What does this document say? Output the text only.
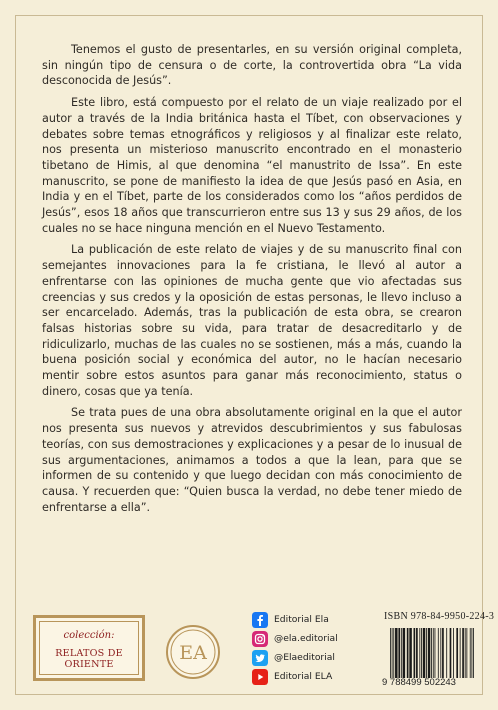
Tenemos el gusto de presentarles, en su versión original completa, sin ningún tipo de censura o de corte, la controvertida obra “La vida desconocida de Jesús”.

Este libro, está compuesto por el relato de un viaje realizado por el autor a través de la India británica hasta el Tíbet, con observaciones y debates sobre temas etnográficos y religiosos y al finalizar este relato, nos presenta un misterioso manuscrito encontrado en el monasterio tibetano de Himis, al que denomina “el manustrito de Issa”. En este manuscrito, se pone de manifiesto la idea de que Jesús pasó en Asia, en India y en el Tíbet, parte de los considerados como los “años perdidos de Jesús”, esos 18 años que transcurrieron entre sus 13 y sus 29 años, de los cuales no se hace ninguna mención en el Nuevo Testamento.

La publicación de este relato de viajes y de su manuscrito final con semejantes innovaciones para la fe cristiana, le llevó al autor a enfrentarse con las opiniones de mucha gente que vio afectadas sus creencias y sus credos y la oposición de estas personas, le llevo incluso a ser encarcelado. Además, tras la publicación de esta obra, se crearon falsas historias sobre su vida, para tratar de desacreditarlo y de ridiculizarlo, muchas de las cuales no se sostienen, más a más, cuando la buena posición social y económica del autor, no le hacían necesario mentir sobre estos asuntos para ganar más reconocimiento, status o dinero, cosas que ya tenía.

Se trata pues de una obra absolutamente original en la que el autor nos presenta sus nuevos y atrevidos descubrimientos y sus fabulosas teorías, con sus demostraciones y explicaciones y a pesar de lo inusual de sus argumentaciones, animamos a todos a que la lean, para que se informen de su contenido y que luego decidan con más conocimiento de causa. Y recuerden que: “Quien busca la verdad, no debe tener miedo de enfrentarse a ella”.

colección:
RELATOS DE ORIENTE
EA
Editorial Ela
@ela.editorial
@Elaeditorial
Editorial ELA
ISBN 978-84-9950-224-3
9 788499 502243
